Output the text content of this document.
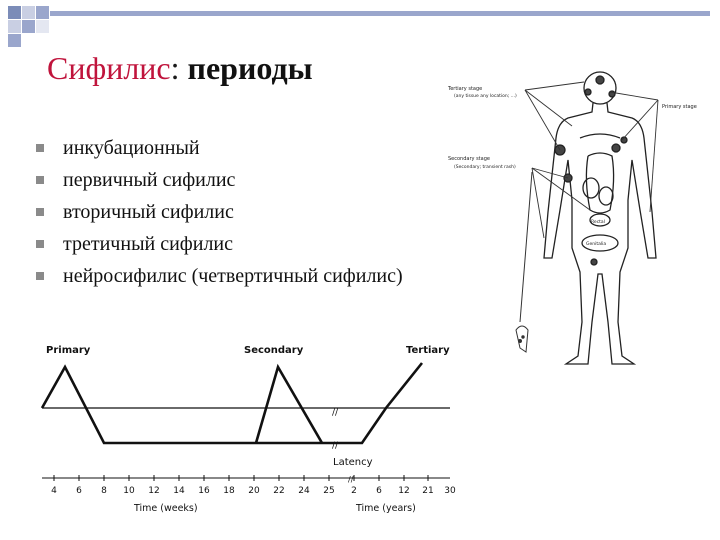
Сифилис: периоды
инкубационный
первичный сифилис
вторичный сифилис
третичный сифилис
нейросифилис (четвертичный сифилис)
Tertiary stage
(any tissue any location; ...)
Primary stage
Secondary stage
(Secondary; transient rash)
Rectal
Genitalia
Primary	Secondary	Tertiary
//
//
Latency
//
4 6 8 10 12 14 16 18 20 22 24 25 2 6 12 21 30
Time (weeks)	Time (years)
